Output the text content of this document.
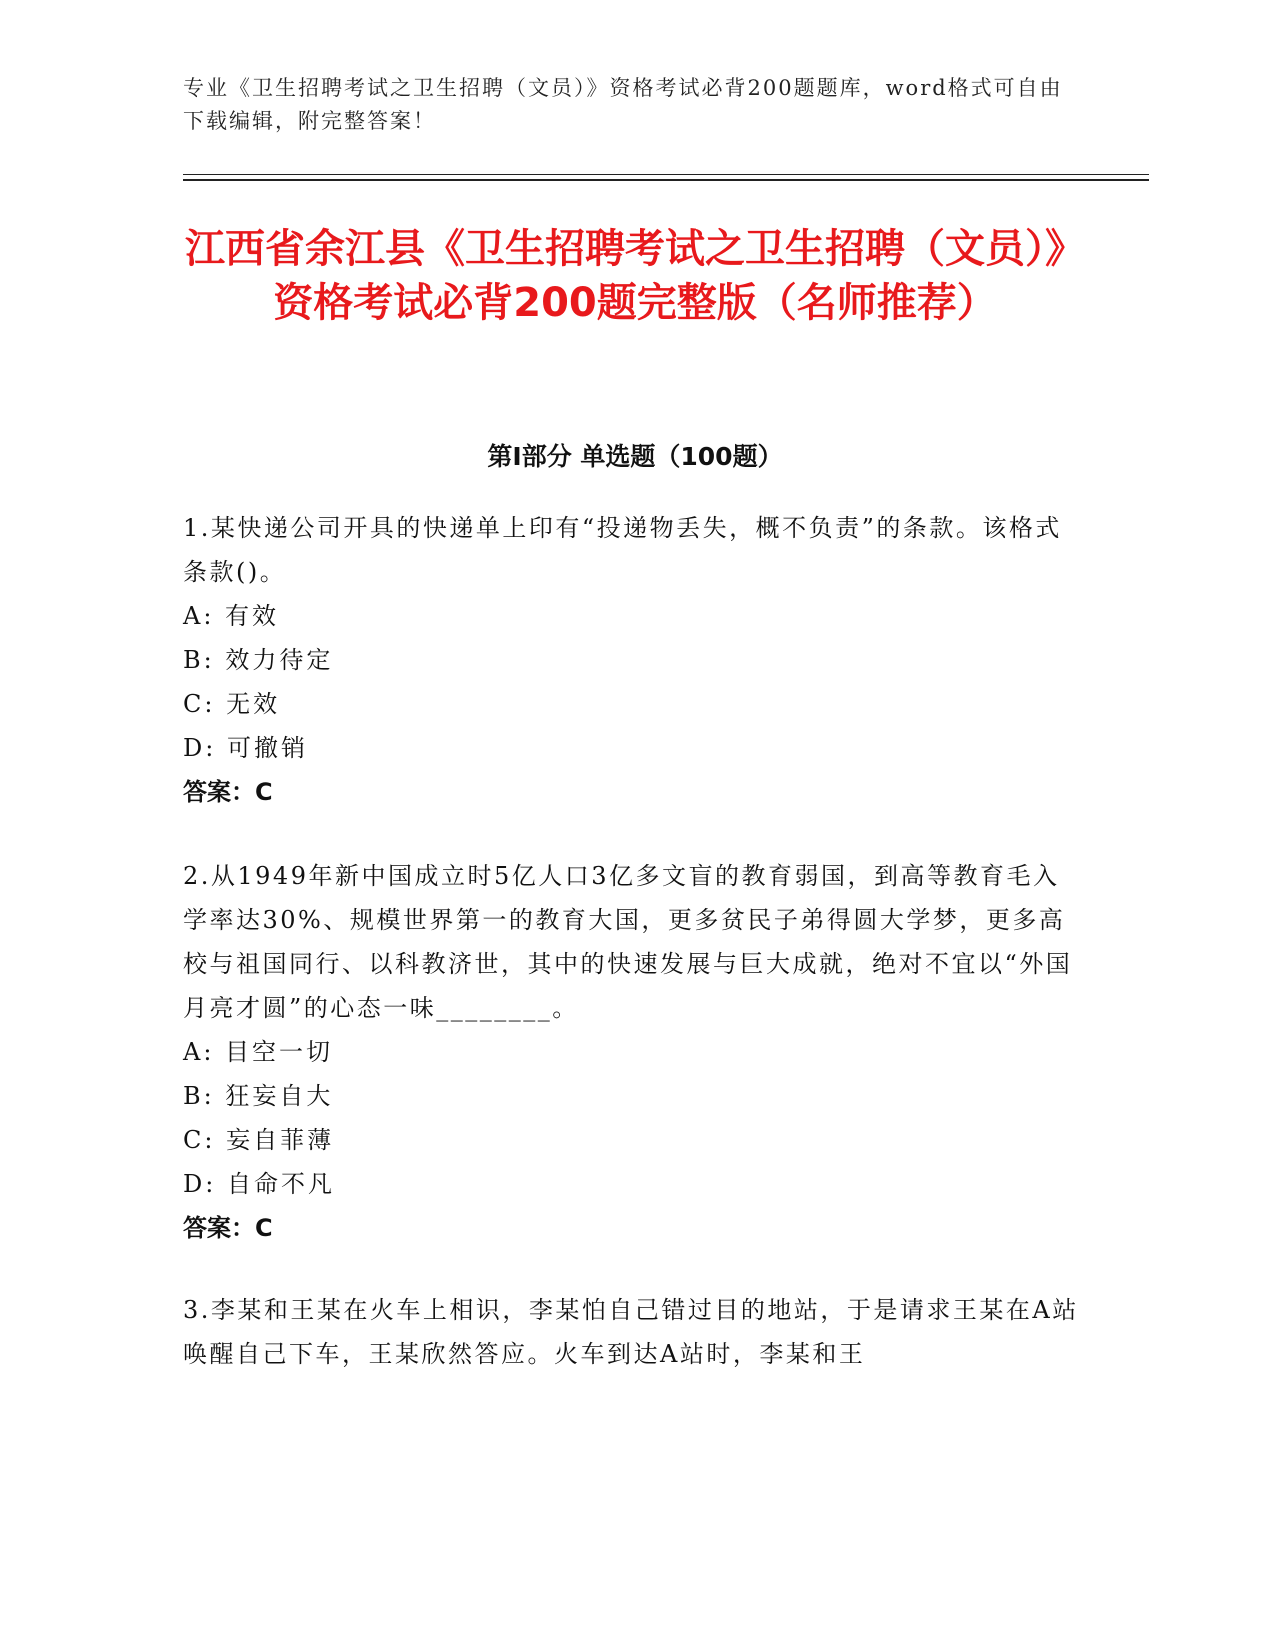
专业《卫生招聘考试之卫生招聘（文员）》资格考试必背200题题库，word格式可自由下载编辑，附完整答案！
江西省余江县《卫生招聘考试之卫生招聘（文员）》资格考试必背200题完整版（名师推荐）
第Ⅰ部分 单选题（100题）

1.某快递公司开具的快递单上印有“投递物丢失，概不负责”的条款。该格式条款()。

A: 有效

B: 效力待定

C: 无效

D: 可撤销

答案：C

2.从1949年新中国成立时5亿人口3亿多文盲的教育弱国，到高等教育毛入学率达30%、规模世界第一的教育大国，更多贫民子弟得圆大学梦，更多高校与祖国同行、以科教济世，其中的快速发展与巨大成就，绝对不宜以“外国月亮才圆”的心态一味________。

A: 目空一切

B: 狂妄自大

C: 妄自菲薄

D: 自命不凡

答案：C

3.李某和王某在火车上相识，李某怕自己错过目的地站，于是请求王某在A站唤醒自己下车，王某欣然答应。火车到达A站时，李某和王
